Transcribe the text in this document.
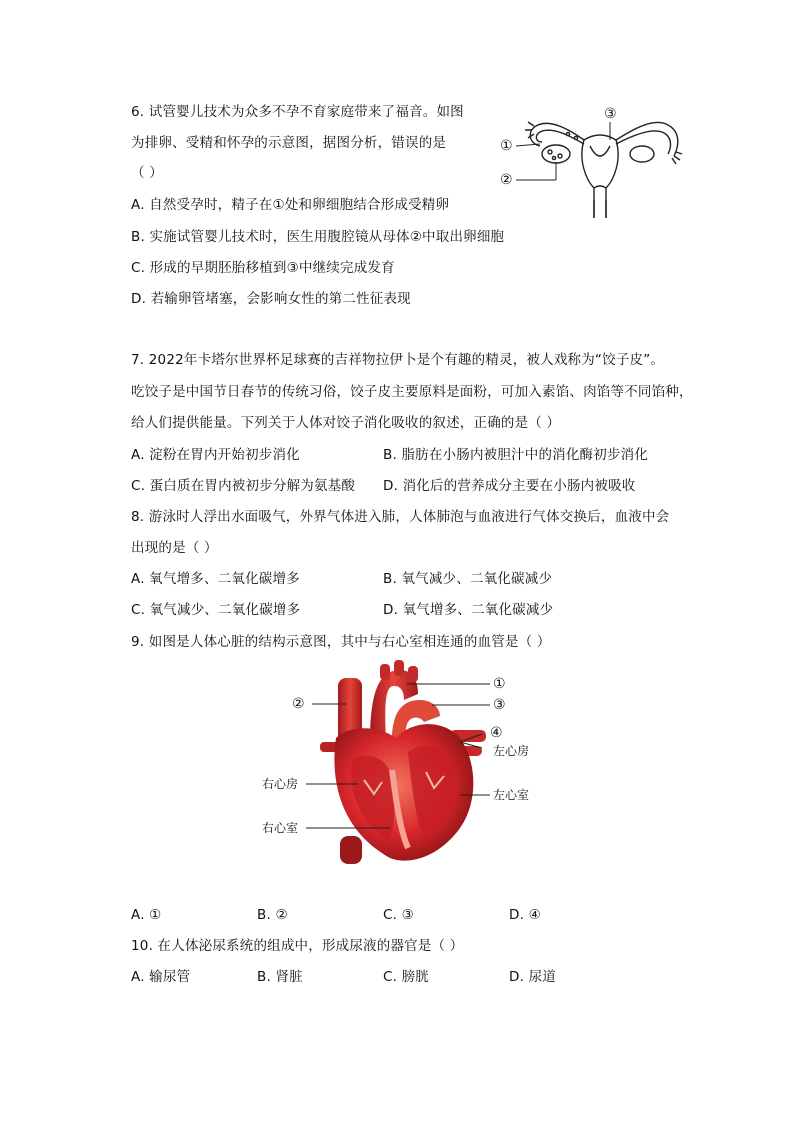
6. 试管婴儿技术为众多不孕不育家庭带来了福音。如图
为排卵、受精和怀孕的示意图，据图分析，错误的是
（ ）
A. 自然受孕时，精子在①处和卵细胞结合形成受精卵
B. 实施试管婴儿技术时，医生用腹腔镜从母体②中取出卵细胞
C. 形成的早期胚胎移植到③中继续完成发育
D. 若输卵管堵塞，会影响女性的第二性征表现
①
②
③
7. 2022年卡塔尔世界杯足球赛的吉祥物拉伊卜是个有趣的精灵，被人戏称为“饺子皮”。
吃饺子是中国节日春节的传统习俗，饺子皮主要原料是面粉，可加入素馅、肉馅等不同馅种，
给人们提供能量。下列关于人体对饺子消化吸收的叙述，正确的是（ ）
A. 淀粉在胃内开始初步消化	B. 脂肪在小肠内被胆汁中的消化酶初步消化
C. 蛋白质在胃内被初步分解为氨基酸 D. 消化后的营养成分主要在小肠内被吸收
8. 游泳时人浮出水面吸气，外界气体进入肺，人体肺泡与血液进行气体交换后，血液中会
出现的是（ ）
A. 氧气增多、二氧化碳增多	B. 氧气减少、二氧化碳减少
C. 氧气减少、二氧化碳增多	D. 氧气增多、二氧化碳减少
9. 如图是人体心脏的结构示意图，其中与右心室相连通的血管是（ ）
①
②	③
④
左心房
右心房
左心室
右心室
A. ①	B. ②	C. ③	D. ④
10. 在人体泌尿系统的组成中，形成尿液的器官是（ ）
A. 输尿管	B. 肾脏	C. 膀胱	D. 尿道
